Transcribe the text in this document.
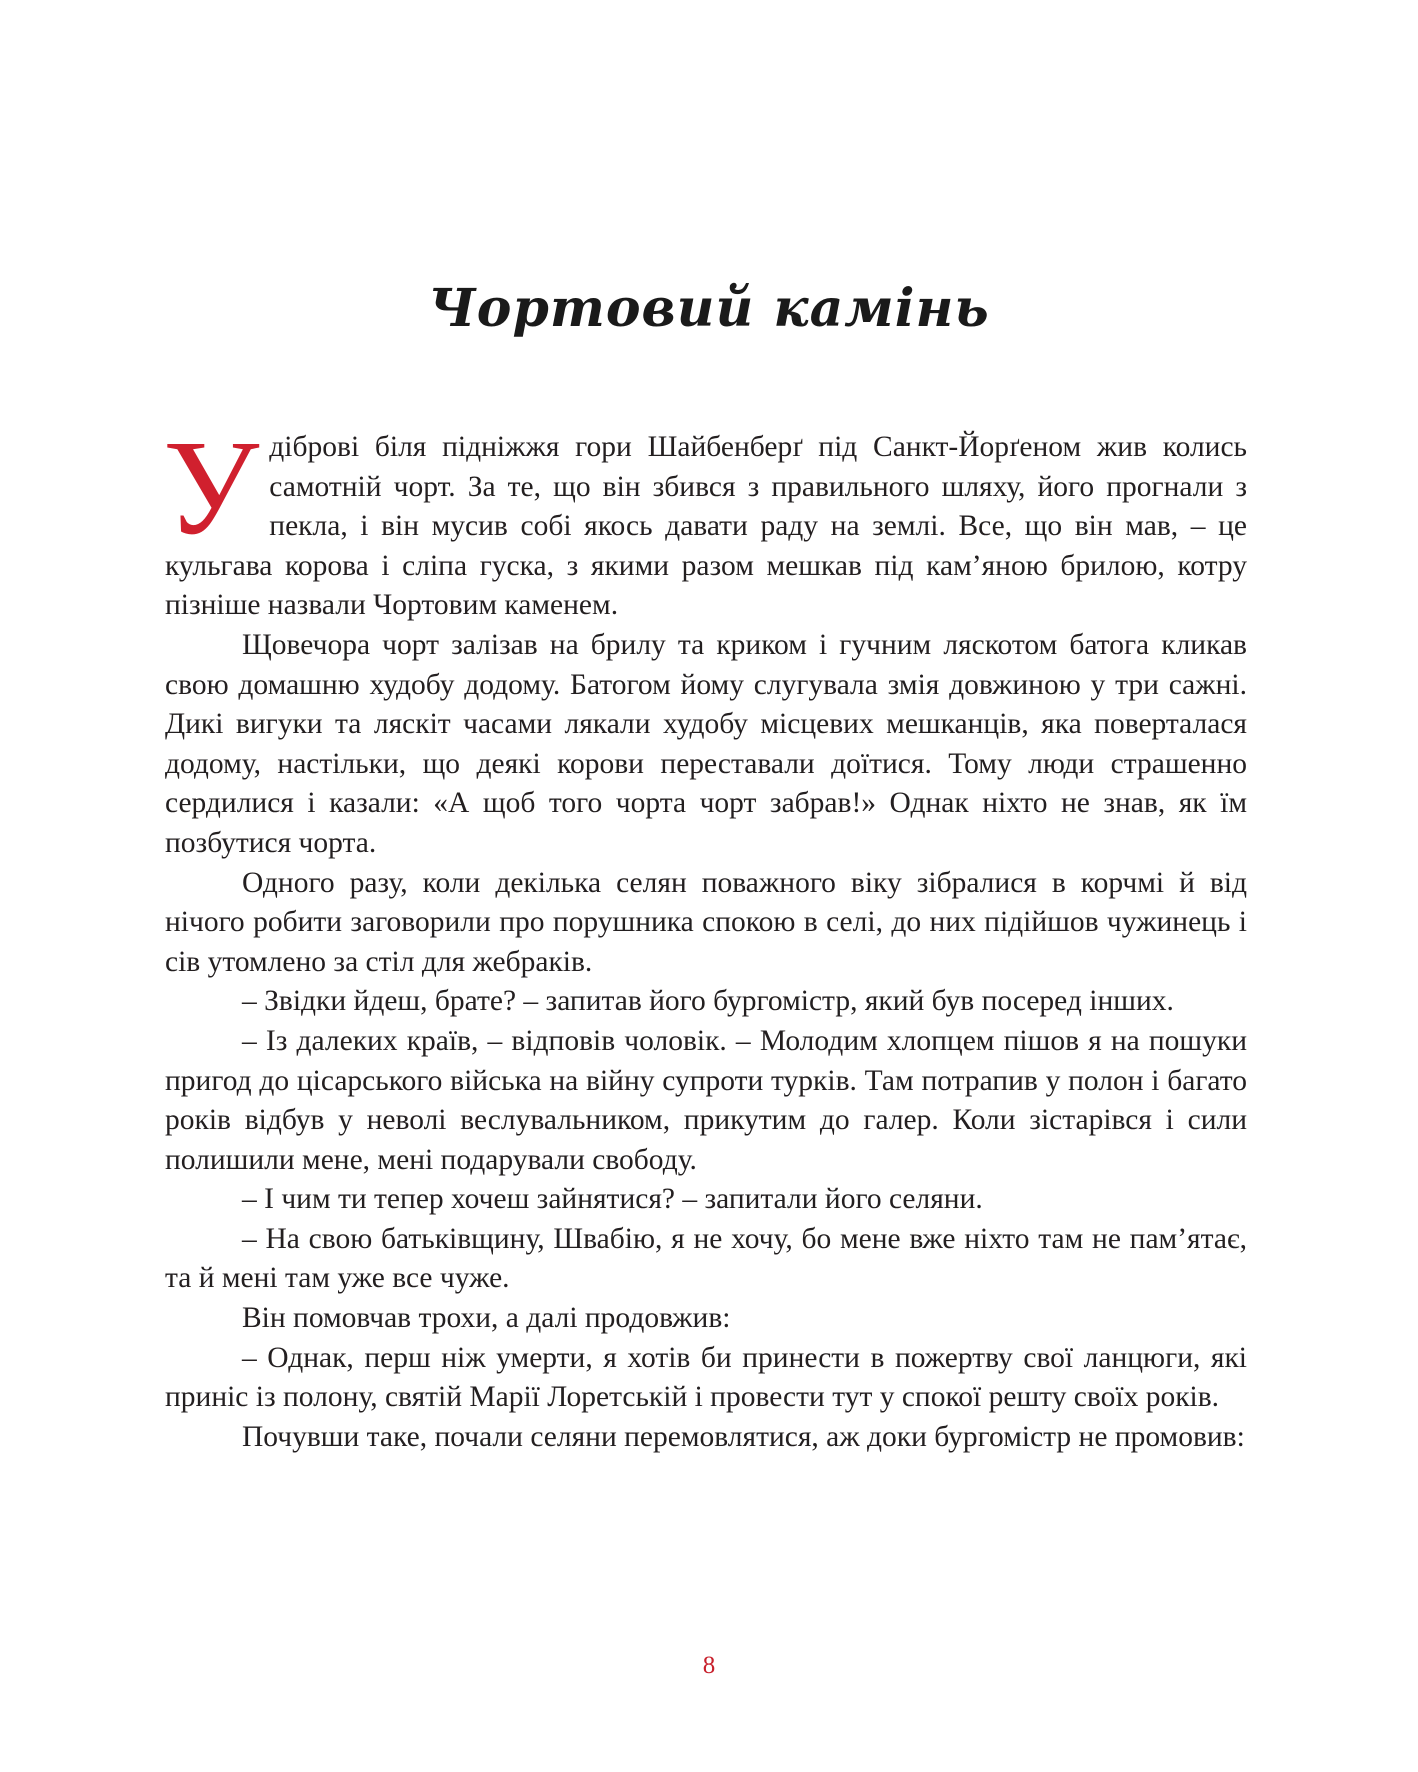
Чортовий камінь

Удіброві біля підніжжя гори Шайбенберґ під Санкт-Йорґеном жив колись самотній чорт. За те, що він збився з правильного шляху, його прогнали з пекла, і він мусив собі якось давати раду на землі. Все, що він мав, – це кульгава корова і сліпа гуска, з якими разом мешкав під кам’яною брилою, котру пізніше назвали Чортовим каменем.

Щовечора чорт залізав на брилу та криком і гучним ляскотом батога кликав свою домашню худобу додому. Батогом йому слугувала змія довжиною у три сажні. Дикі вигуки та ляскіт часами лякали худобу місцевих мешканців, яка поверталася додому, настільки, що деякі корови переставали доїтися. Тому люди страшенно сердилися і казали: «А щоб того чорта чорт забрав!» Однак ніхто не знав, як їм позбутися чорта.

Одного разу, коли декілька селян поважного віку зібралися в корчмі й від нічого робити заговорили про порушника спокою в селі, до них підійшов чужинець і сів утомлено за стіл для жебраків.

– Звідки йдеш, брате? – запитав його бургомістр, який був посеред інших.

– Із далеких країв, – відповів чоловік. – Молодим хлопцем пішов я на пошуки пригод до цісарського війська на війну супроти турків. Там потрапив у полон і багато років відбув у неволі веслувальником, прикутим до галер. Коли зістарівся і сили полишили мене, мені подарували свободу.

– І чим ти тепер хочеш зайнятися? – запитали його селяни.

– На свою батьківщину, Швабію, я не хочу, бо мене вже ніхто там не пам’ятає, та й мені там уже все чуже.

Він помовчав трохи, а далі продовжив:

– Однак, перш ніж умерти, я хотів би принести в пожертву свої ланцюги, які приніс із полону, святій Марії Лоретській і провести тут у спокої решту своїх років.

Почувши таке, почали селяни перемовлятися, аж доки бургомістр не промовив:

8
